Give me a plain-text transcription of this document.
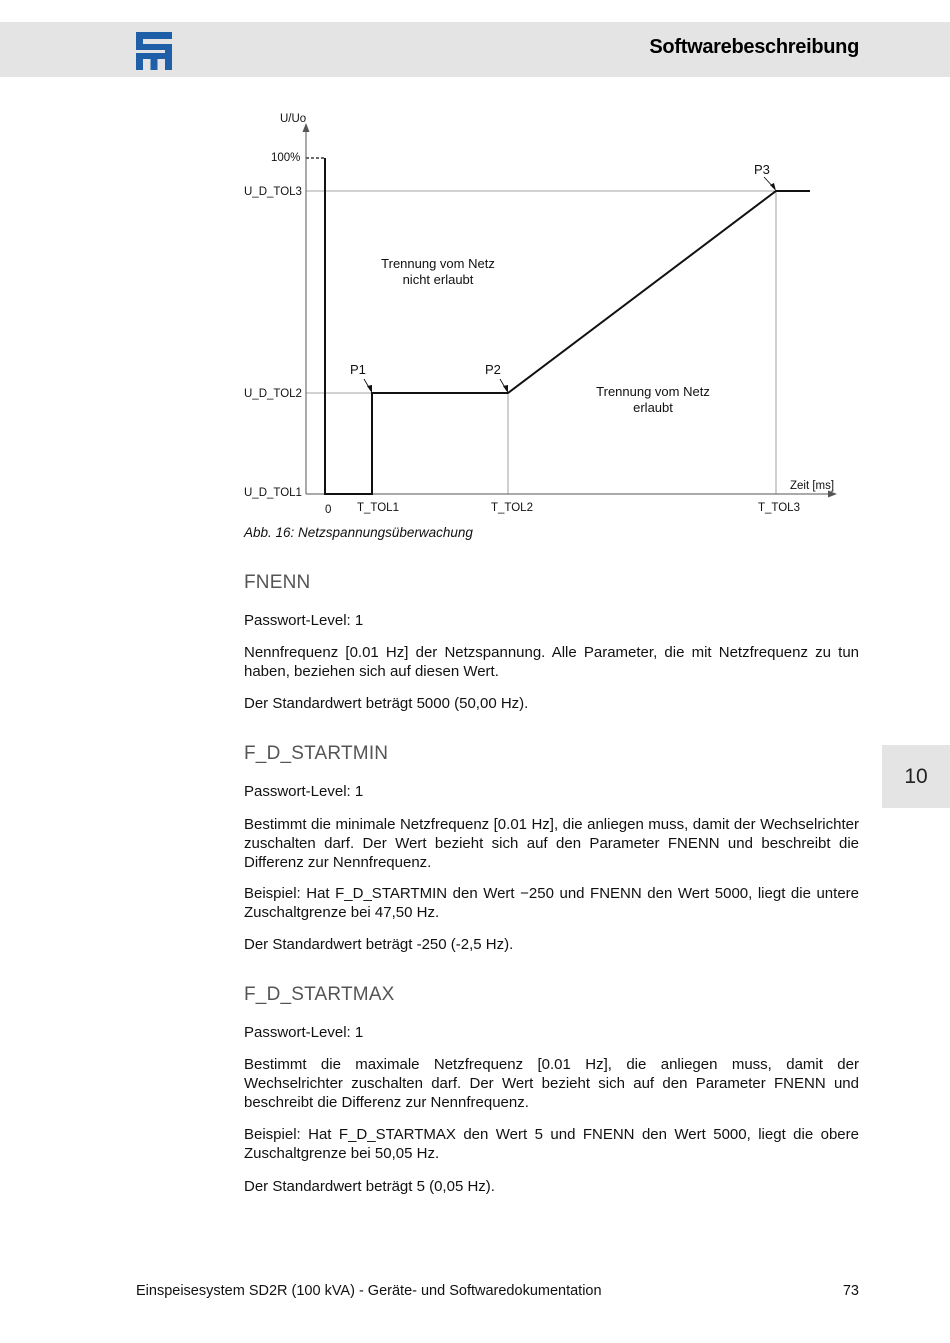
Softwarebeschreibung
10
U/Uo
Zeit [ms]
100%
U_D_TOL3
U_D_TOL2
U_D_TOL1
0 T_TOL1	T_TOL2	T_TOL3
P1	P2
P3
Trennung vom Netz
nicht erlaubt
Trennung vom Netz
erlaubt
Abb. 16: Netzspannungsüberwachung
FNENN

Passwort-Level: 1

Nennfrequenz [0.01 Hz] der Netzspannung. Alle Parameter, die mit Netzfrequenz zu tun haben, beziehen sich auf diesen Wert.

Der Standardwert beträgt 5000 (50,00 Hz).

F_D_STARTMIN

Passwort-Level: 1

Bestimmt die minimale Netzfrequenz [0.01 Hz], die anliegen muss, damit der Wechselrichter zuschalten darf. Der Wert bezieht sich auf den Parameter FNENN und beschreibt die Differenz zur Nennfrequenz.

Beispiel: Hat F_D_STARTMIN den Wert −250 und FNENN den Wert 5000, liegt die untere Zuschaltgrenze bei 47,50 Hz.

Der Standardwert beträgt -250 (-2,5 Hz).

F_D_STARTMAX

Passwort-Level: 1

Bestimmt die maximale Netzfrequenz [0.01 Hz], die anliegen muss, damit der Wechselrichter zuschalten darf. Der Wert bezieht sich auf den Parameter FNENN und beschreibt die Differenz zur Nennfrequenz.

Beispiel: Hat F_D_STARTMAX den Wert 5 und FNENN den Wert 5000, liegt die obere Zuschaltgrenze bei 50,05 Hz.

Der Standardwert beträgt 5 (0,05 Hz).

Einspeisesystem SD2R (100 kVA) - Geräte- und Softwaredokumentation	73
